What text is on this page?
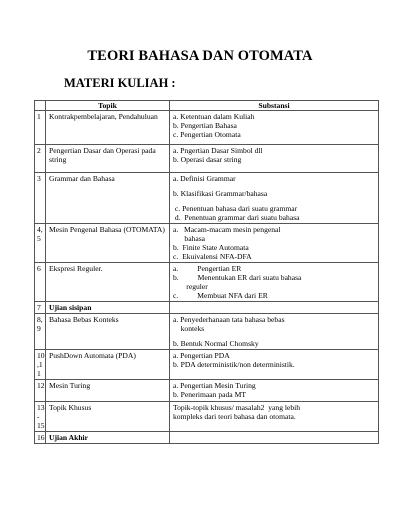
TEORI BAHASA DAN OTOMATA
MATERI KULIAH :
	Topik	Substansi

1	Kontrakpembelajaran, Pendahuluan	a. Ketentuan dalam Kuliah
b. Pengertian Bahasa
c. Pengertian Otomata

2	Pengertian Dasar dan Operasi pada string	a. Pngertian Dasar Simbol dll
b. Operasi dasar string

3	Grammar dan Bahasa	a. Definisi Grammar
b. Klasifikasi Grammar/bahasa
c. Penentuan bahasa dari suatu grammar
d.  Penentuan grammar dari suatu bahasa

4,
5	Mesin Pengenal Bahasa (OTOMATA)	a.   Macam-macam mesin pengenal
bahasa
b.  Finite State Automata
c.  Ekuivalensi NFA-DFA

6	Ekspresi Reguler.	a.          Pengertian ER
b.          Menentukan ER dari suatu bahasa
reguler
c.          Membuat NFA dari ER

7	Ujian sisipan	

8,
9	Bahasa Bebas Konteks	a. Penyederhanaan tata bahasa bebas
konteks
b. Bentuk Normal Chomsky

10
,1
1	PushDown Automata (PDA)	a. Pengertian PDA
b. PDA deterministik/non deterministik.

12	Mesin Turing	a. Pengertian Mesin Turing
b. Penerimaan pada MT

13
-
15	Topik Khusus	Topik-topik khusus/ masalah2  yang lebih
kompleks dari teori bahasa dan otomata.

16	Ujian Akhir	
